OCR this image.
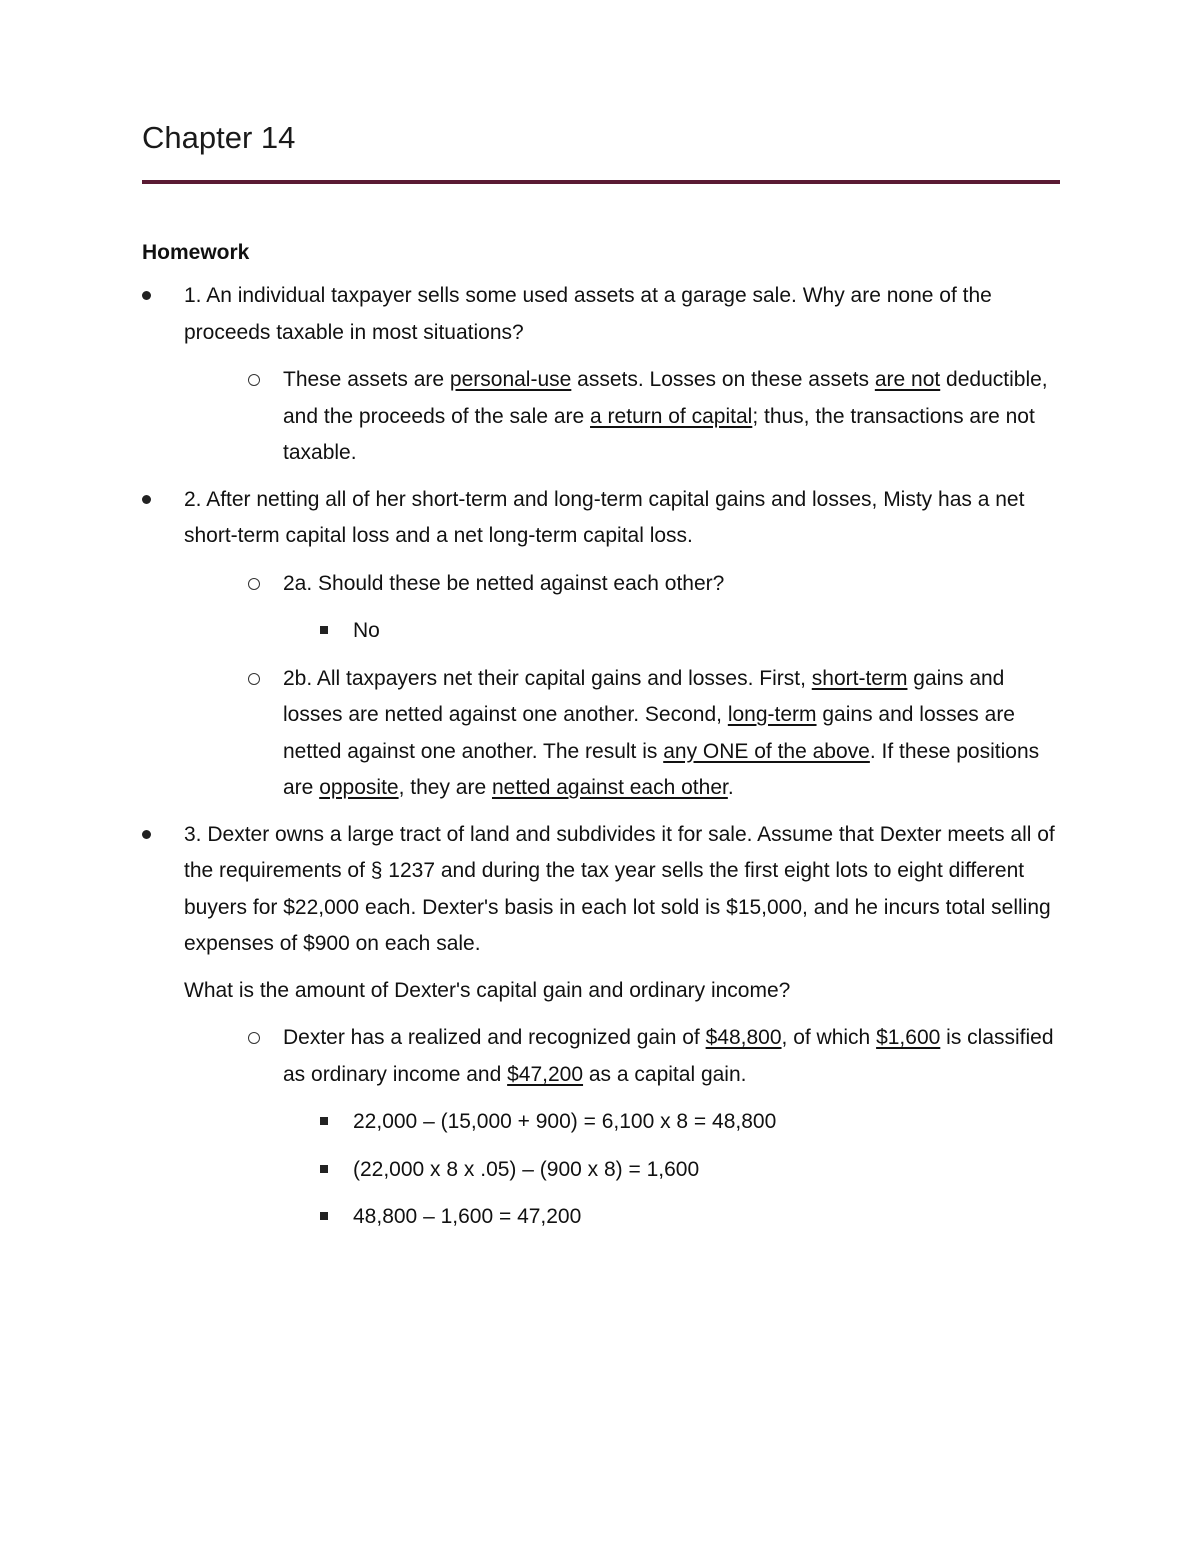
Chapter 14
Homework
1. An individual taxpayer sells some used assets at a garage sale. Why are none of the proceeds taxable in most situations?
These assets are personal-use assets. Losses on these assets are not deductible, and the proceeds of the sale are a return of capital; thus, the transactions are not taxable.
2. After netting all of her short-term and long-term capital gains and losses, Misty has a net short-term capital loss and a net long-term capital loss.
2a. Should these be netted against each other?
No
2b. All taxpayers net their capital gains and losses. First, short-term gains and losses are netted against one another. Second, long-term gains and losses are netted against one another. The result is any ONE of the above. If these positions are opposite, they are netted against each other.
3. Dexter owns a large tract of land and subdivides it for sale. Assume that Dexter meets all of the requirements of § 1237 and during the tax year sells the first eight lots to eight different buyers for $22,000 each. Dexter's basis in each lot sold is $15,000, and he incurs total selling expenses of $900 on each sale.
What is the amount of Dexter's capital gain and ordinary income?
Dexter has a realized and recognized gain of $48,800, of which $1,600 is classified as ordinary income and $47,200 as a capital gain.
22,000 – (15,000 + 900) = 6,100 x 8 = 48,800
(22,000 x 8 x .05) – (900 x 8) = 1,600
48,800 – 1,600 = 47,200
